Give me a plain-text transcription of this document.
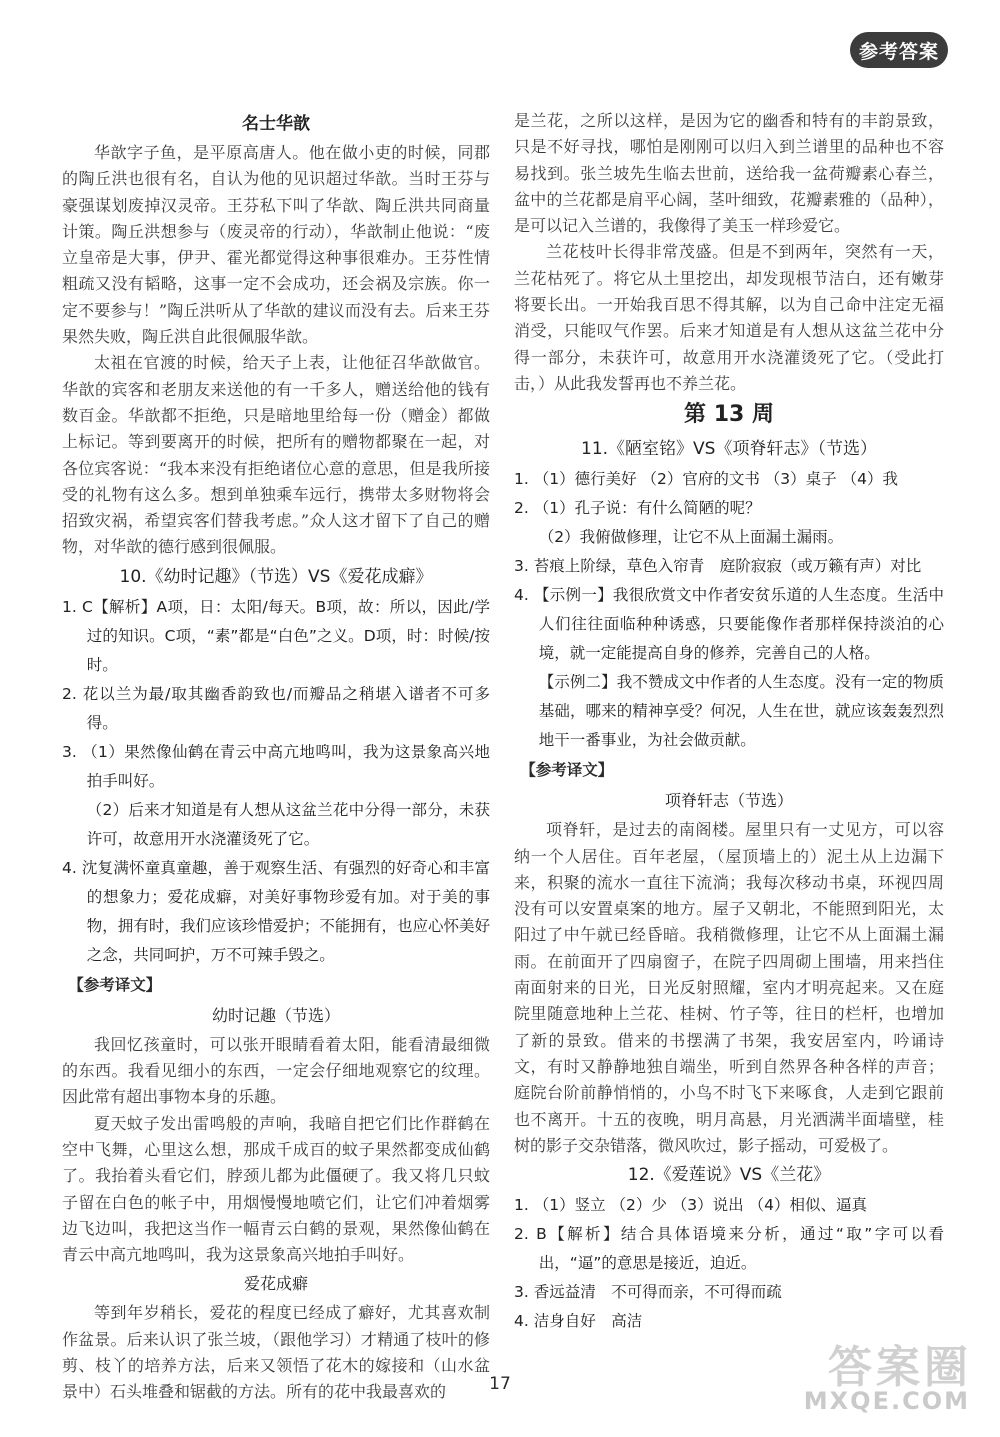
参考答案

名士华歆

华歆字子鱼，是平原高唐人。他在做小吏的时候，同郡的陶丘洪也很有名，自认为他的见识超过华歆。当时王芬与豪强谋划废掉汉灵帝。王芬私下叫了华歆、陶丘洪共同商量计策。陶丘洪想参与（废灵帝的行动），华歆制止他说：“废立皇帝是大事，伊尹、霍光都觉得这种事很难办。王芬性情粗疏又没有韬略，这事一定不会成功，还会祸及宗族。你一定不要参与！”陶丘洪听从了华歆的建议而没有去。后来王芬果然失败，陶丘洪自此很佩服华歆。

太祖在官渡的时候，给天子上表，让他征召华歆做官。华歆的宾客和老朋友来送他的有一千多人，赠送给他的钱有数百金。华歆都不拒绝，只是暗地里给每一份（赠金）都做上标记。等到要离开的时候，把所有的赠物都聚在一起，对各位宾客说：“我本来没有拒绝诸位心意的意思，但是我所接受的礼物有这么多。想到单独乘车远行，携带太多财物将会招致灾祸，希望宾客们替我考虑。”众人这才留下了自己的赠物，对华歆的德行感到很佩服。

10.《幼时记趣》（节选）VS《爱花成癖》

1. C【解析】A项，日：太阳/每天。B项，故：所以，因此/学过的知识。C项，“素”都是“白色”之义。D项，时：时候/按时。

2. 花以兰为最/取其幽香韵致也/而瓣品之稍堪入谱者不可多得。

3. （1）果然像仙鹤在青云中高亢地鸣叫，我为这景象高兴地拍手叫好。

（2）后来才知道是有人想从这盆兰花中分得一部分，未获许可，故意用开水浇灌烫死了它。

4. 沈复满怀童真童趣，善于观察生活、有强烈的好奇心和丰富的想象力；爱花成癖，对美好事物珍爱有加。对于美的事物，拥有时，我们应该珍惜爱护；不能拥有，也应心怀美好之念，共同呵护，万不可辣手毁之。

【参考译文】

幼时记趣（节选）

我回忆孩童时，可以张开眼睛看着太阳，能看清最细微的东西。我看见细小的东西，一定会仔细地观察它的纹理。因此常有超出事物本身的乐趣。

夏天蚊子发出雷鸣般的声响，我暗自把它们比作群鹤在空中飞舞，心里这么想，那成千成百的蚊子果然都变成仙鹤了。我抬着头看它们，脖颈儿都为此僵硬了。我又将几只蚊子留在白色的帐子中，用烟慢慢地喷它们，让它们冲着烟雾边飞边叫，我把这当作一幅青云白鹤的景观，果然像仙鹤在青云中高亢地鸣叫，我为这景象高兴地拍手叫好。

爱花成癖

等到年岁稍长，爱花的程度已经成了癖好，尤其喜欢制作盆景。后来认识了张兰坡，（跟他学习）才精通了枝叶的修剪、枝丫的培养方法，后来又领悟了花木的嫁接和（山水盆景中）石头堆叠和锯截的方法。所有的花中我最喜欢的

是兰花，之所以这样，是因为它的幽香和特有的丰韵景致，只是不好寻找，哪怕是刚刚可以归入到兰谱里的品种也不容易找到。张兰坡先生临去世前，送给我一盆荷瓣素心春兰，盆中的兰花都是肩平心阔，茎叶细致，花瓣素雅的（品种），是可以记入兰谱的，我像得了美玉一样珍爱它。

兰花枝叶长得非常茂盛。但是不到两年，突然有一天，兰花枯死了。将它从土里挖出，却发现根节洁白，还有嫩芽将要长出。一开始我百思不得其解，以为自己命中注定无福消受，只能叹气作罢。后来才知道是有人想从这盆兰花中分得一部分，未获许可，故意用开水浇灌烫死了它。（受此打击，）从此我发誓再也不养兰花。

第 13 周

11.《陋室铭》VS《项脊轩志》（节选）

1. （1）德行美好 （2）官府的文书 （3）桌子 （4）我

2. （1）孔子说：有什么简陋的呢？

（2）我俯做修理，让它不从上面漏土漏雨。

3. 苔痕上阶绿，草色入帘青　庭阶寂寂（或万籁有声）对比

4. 【示例一】我很欣赏文中作者安贫乐道的人生态度。生活中人们往往面临种种诱惑，只要能像作者那样保持淡泊的心境，就一定能提高自身的修养，完善自己的人格。

【示例二】我不赞成文中作者的人生态度。没有一定的物质基础，哪来的精神享受？何况，人生在世，就应该轰轰烈烈地干一番事业，为社会做贡献。

【参考译文】

项脊轩志（节选）

项脊轩，是过去的南阁楼。屋里只有一丈见方，可以容纳一个人居住。百年老屋，（屋顶墙上的）泥土从上边漏下来，积聚的流水一直往下流淌；我每次移动书桌，环视四周没有可以安置桌案的地方。屋子又朝北，不能照到阳光，太阳过了中午就已经昏暗。我稍微修理，让它不从上面漏土漏雨。在前面开了四扇窗子，在院子四周砌上围墙，用来挡住南面射来的日光，日光反射照耀，室内才明亮起来。又在庭院里随意地种上兰花、桂树、竹子等，往日的栏杆，也增加了新的景致。借来的书摆满了书架，我安居室内，吟诵诗文，有时又静静地独自端坐，听到自然界各种各样的声音；庭院台阶前静悄悄的，小鸟不时飞下来啄食，人走到它跟前也不离开。十五的夜晚，明月高悬，月光洒满半面墙壁，桂树的影子交杂错落，微风吹过，影子摇动，可爱极了。

12.《爱莲说》VS《兰花》

1. （1）竖立 （2）少 （3）说出 （4）相似、逼真

2. B【解析】结合具体语境来分析，通过“取”字可以看出，“逼”的意思是接近，迫近。

3. 香远益清　不可得而亲，不可得而疏

4. 洁身自好　高洁

17	答案圈
MXQE.COM
